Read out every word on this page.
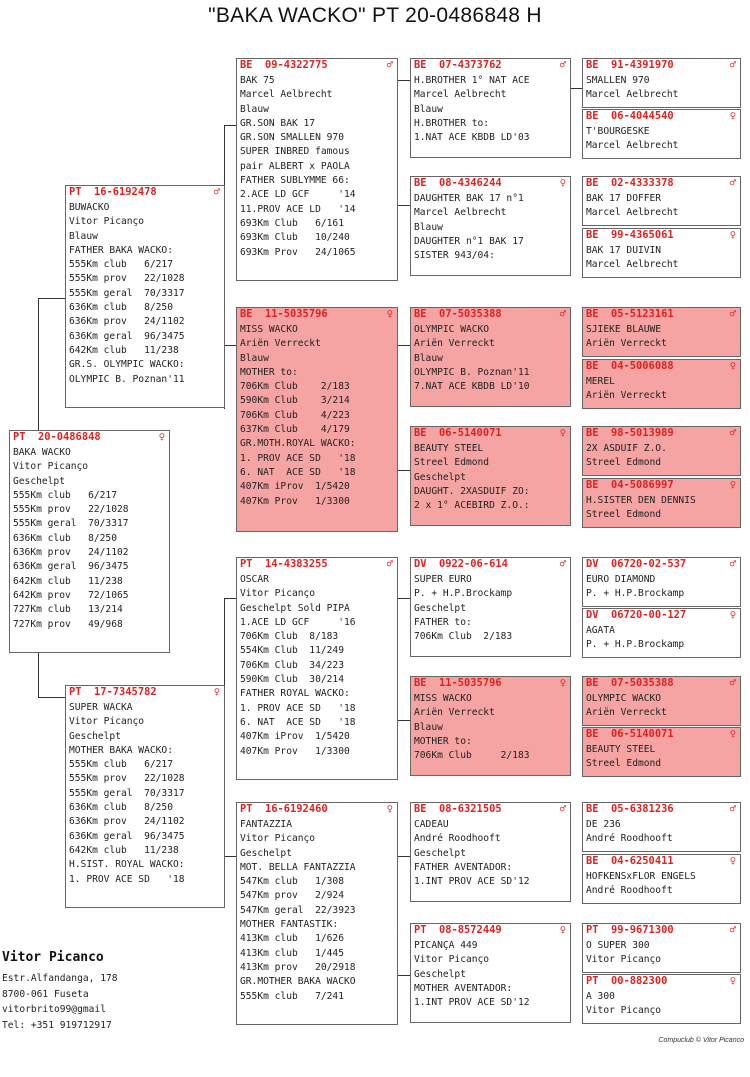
"BAKA WACKO" PT 20-0486848 H
PT  20-0486848	♀
BAKA WACKO
Vitor Picanço
Geschelpt
555Km club   6/217
555Km prov   22/1028
555Km geral  70/3317
636Km club   8/250
636Km prov   24/1102
636Km geral  96/3475
642Km club   11/238
642Km prov   72/1065
727Km club   13/214
727Km prov   49/968
PT  16-6192478	♂
BUWACKO
Vitor Picanço
Blauw
FATHER BAKA WACKO:
555Km club   6/217
555Km prov   22/1028
555Km geral  70/3317
636Km club   8/250
636Km prov   24/1102
636Km geral  96/3475
642Km club   11/238
GR.S. OLYMPIC WACKO:
OLYMPIC B. Poznan'11
PT  17-7345782	♀
SUPER WACKA
Vitor Picanço
Geschelpt
MOTHER BAKA WACKO:
555Km club   6/217
555Km prov   22/1028
555Km geral  70/3317
636Km club   8/250
636Km prov   24/1102
636Km geral  96/3475
642Km club   11/238
H.SIST. ROYAL WACKO:
1. PROV ACE SD   '18
BE  09-4322775	♂
BAK 75
Marcel Aelbrecht
Blauw
GR.SON BAK 17
GR.SON SMALLEN 970
SUPER INBRED famous
pair ALBERT x PAOLA
FATHER SUBLYMME 66:
2.ACE LD GCF     '14
11.PROV ACE LD   '14
693Km Club   6/161
693Km Club   10/240
693Km Prov   24/1065
BE  11-5035796	♀
MISS WACKO
Ariën Verreckt
Blauw
MOTHER to:
706Km Club    2/183
590Km Club    3/214
706Km Club    4/223
637Km Club    4/179
GR.MOTH.ROYAL WACKO:
1. PROV ACE SD   '18
6. NAT  ACE SD   '18
407Km iProv  1/5420
407Km Prov   1/3300
PT  14-4383255	♂
OSCAR
Vitor Picanço
Geschelpt Sold PIPA
1.ACE LD GCF     '16
706Km Club  8/183
554Km Club  11/249
706Km Club  34/223
590Km Club  30/214
FATHER ROYAL WACKO:
1. PROV ACE SD   '18
6. NAT  ACE SD   '18
407Km iProv  1/5420
407Km Prov   1/3300
PT  16-6192460	♀
FANTAZZIA
Vitor Picanço
Geschelpt
MOT. BELLA FANTAZZIA
547Km club   1/308
547Km prov   2/924
547Km geral  22/3923
MOTHER FANTASTIK:
413Km club   1/626
413Km club   1/445
413Km prov   20/2918
GR.MOTHER BAKA WACKO
555Km club   7/241
BE  07-4373762	♂
H.BROTHER 1° NAT ACE
Marcel Aelbrecht
Blauw
H.BROTHER to:
1.NAT ACE KBDB LD'03
BE  08-4346244	♀
DAUGHTER BAK 17 n°1
Marcel Aelbrecht
Blauw
DAUGHTER n°1 BAK 17
SISTER 943/04:
BE  07-5035388	♂
OLYMPIC WACKO
Ariën Verreckt
Blauw
OLYMPIC B. Poznan'11
7.NAT ACE KBDB LD'10
BE  06-5140071	♀
BEAUTY STEEL
Streel Edmond
Geschelpt
DAUGHT. 2XASDUIF ZO:
2 x 1° ACEBIRD Z.O.:
DV  0922-06-614	♂
SUPER EURO
P. + H.P.Brockamp
Geschelpt
FATHER to:
706Km Club  2/183
BE  11-5035796	♀
MISS WACKO
Ariën Verreckt
Blauw
MOTHER to:
706Km Club     2/183
BE  08-6321505	♂
CADEAU
André Roodhooft
Geschelpt
FATHER AVENTADOR:
1.INT PROV ACE SD'12
PT  08-8572449	♀
PICANÇA 449
Vitor Picanço
Geschelpt
MOTHER AVENTADOR:
1.INT PROV ACE SD'12
BE  91-4391970	♂
SMALLEN 970
Marcel Aelbrecht
BE  06-4044540	♀
T'BOURGESKE
Marcel Aelbrecht
BE  02-4333378	♂
BAK 17 DOFFER
Marcel Aelbrecht
BE  99-4365061	♀
BAK 17 DUIVIN
Marcel Aelbrecht
BE  05-5123161	♂
SJIEKE BLAUWE
Ariën Verreckt
BE  04-5006088	♀
MEREL
Ariën Verreckt
BE  98-5013989	♂
2X ASDUIF Z.O.
Streel Edmond
BE  04-5086997	♀
H.SISTER DEN DENNIS
Streel Edmond
DV  06720-02-537	♂
EURO DIAMOND
P. + H.P.Brockamp
DV  06720-00-127	♀
AGATA
P. + H.P.Brockamp
BE  07-5035388	♂
OLYMPIC WACKO
Ariën Verreckt
BE  06-5140071	♀
BEAUTY STEEL
Streel Edmond
BE  05-6381236	♂
DE 236
André Roodhooft
BE  04-6250411	♀
HOFKENSxFLOR ENGELS
André Roodhooft
PT  99-9671300	♂
O SUPER 300
Vitor Picanço
PT  00-882300	♀
A 300
Vitor Picanço
Vitor Picanco
Estr.Alfandanga, 178
8700-061 Fuseta
vitorbrito99@gmail
Tel: +351 919712917
Compuclub © Vitor Picanco
